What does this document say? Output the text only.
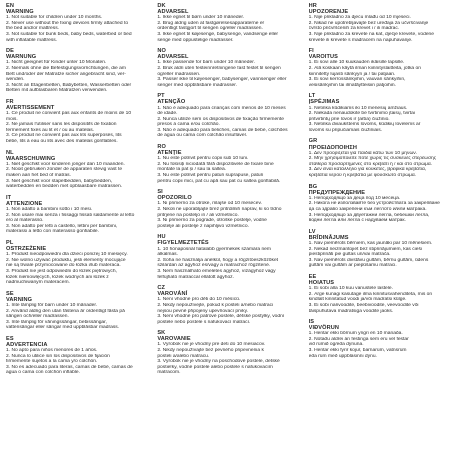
EN
WARNING
1. Not suitable for children under 10 months.
2. Never use without the fixing devices firmly attached to
the bed and/or mattress.
3. Not suitable for bunk beds, baby beds, waterbed or bed
with inflatable mattress.
DE
WARNUNG
1. Nicht geeignet für Kinder unter 10 Monaten.
2. Niemals ohne die Befestigungsvorrichtungen, die am
Bett und/oder der Matratze sicher angebracht sind, ver-
wenden.
3. Nicht an Etagenbetten, Babybetten, Wasserbetten oder
Betten mit aufblasbaren Matratzen verwenden.
FR
AVERTISSEMENT
1. Ce produit ne convient pas aux enfants de moins de 10
mois.
2. Ne jamais l'utiliser sans les dispositifs de fixation
fermement fixés au lit et / ou au matelas.
3. Ce produit ne convient pas aux lits superposés, lits
bébé, lits à eau ou lits avec des matelas gonflables.
NL
WAARSCHUWING
1. Niet geschikt voor kinderen jonger dan 10 maanden.
2. Nooit gebruiken zonder de apparaten stevig vast te
maken aan het bed of matras.
3. Niet geschikt voor stapelbedden, babybedden,
waterbedden en bedden met opblaasbare matrassen.
IT
ATTENZIONE
1. Non adatto a bambini sotto i 10 mesi.
2. Non usare mai senza i fissaggi fissati saldamente al letto
e/o al materasso.
3. Non adatto per letti a castello, lettini per bambini,
materassi a letto con materasso gonfiabile.
PL
OSTRZEŻENIE
1. Produkt nieodpowiedni dla dzieci poniżej 10 miesięcy.
2. Nie wolno używać produktu, jeśli elementy mocujące
nie są trwale przymocowane do łóżka i/lub materaca.
3. Produkt nie jest odpowiedni do łóżek piętrowych,
łóżek niemowlęcych, łóżek wodnych ani łóżek z
nadmuchiwanym materacem.
SE
VARNING
1. Inte lämplig för barn under 10 månader.
2. Använd aldrig den utan fästena är ordentligt fästa på
sängen och/eller madrassen.
3. Inte lämplig för våningssängar, bebissängar,
vattensängar eller sängar med uppblåsbar madrass.
ES
ADVERTENCIA
1. No apto para niños menores de 1 años.
2. Nunca lo utilice sin los dispositivos de fijación
firmemente sujetos a la cama y/o colchón.
3. No es adecuado para literas, camas de bebé, camas de
agua o cama con colchón inflable.
DK
ADVARSEL
1. Ikke egnet til børn under 10 måneder.
2. Brug aldrig uden at fastgørelsesapparaterne er
ordentligt fastgjort til sengen og/eller madrassen.
3. Ikke egnet til køjesenge, babysenge, vandsenge eller
senge med oppustelige madrasser.
NO
ADVARSEL
1. Ikke passende for barn under 10 måneder.
2. Bruk aldri uten festeinnretningene fast festet til sengen
og/eller madrassen.
3. Passer ikke til køyesenger, babysenger, vannsenger eller
senger med oppblåsbare madrasser.
PT
ATENÇÃO
1. Não é adequado para crianças com menos de 10 meses
de idade.
2. Nunca utilize sem os dispositivos de fixação firmemente
presos à cama e/ou colchão.
3. Não é adequado para beliches, camas de bebé, colchões
de água ou cama com colchão insuflável.
RO
ATENȚIE
1. Nu este potrivit pentru copii sub 10 luni.
2. Nu folosiți niciodată fără dispozitivele de fixare bine
montate la pat și / sau la saltea.
3. Nu este potrivit pentru paturi suprapuse, paturi
pentru copii mici, pat cu apă sau pat cu saltea gonflabilă.
SI
OPOZORILO
1. Ni primerno za otroke, mlajše od 10 mesecev.
2. Nikoli ne uporabljajte brez pritrdilnih naprav, ki so trdno
pritrjene na posteljo in / ali vzmetnico.
3. Ni primerno za pograde, otroške postelje, vodne
postelje ali postelje z napihljivo vzmetnico.
HU
FIGYELMEZTETÉS
1. 10 hónaposnál fiatalabb gyermekek számára nem
alkalmas.
2. Soha ne használja anélkül, hogy a rögzítőeszközöket
szilárdan az ágyhoz és/vagy a matrachoz rögzítené.
3. Nem használható emeletes ágyhoz, vízágyhoz vagy
felfújható matraccal ellátott ágyhoz.
CZ
VAROVÁNÍ
1. Není vhodné pro děti do 10 měsíců.
2. Nikdy nepoužívejte, pokud k posteli a/nebo matraci
nejsou pevně připojeny upevňovací prvky.
3. Není vhodné pro patrové postele, dětské postýlky, vodní
postele nebo postele s nafukovací matrací.
SK
VAROVANIE
1. Výrobok nie je vhodný pre deti do 10 mesiacov.
2. Nikdy nepoužívajte bez pevného pripevnenia k
posteli a/alebo matracu.
3. Výrobok nie je vhodný na poschodové postele, detské
postieľky, vodné postele alebo postele s nafukovacím
matracom.
HR
UPOZORENJE
1. Nije prikladno za djecu mlađu od 10 mjeseci.
2. Nikad ne upotrebljavajte bez uređaja za učvršćivanje
čvrsto pričvršćenih za krevet i / ili madrac.
3. Nije prikladno za krevete na kat, dječje krevete, vodene
krevete ili krevete s madracem na napuhavanje.
FI
VAROITUS
1. Ei sovi alle 10 kuukauden ikäisille lapsille.
2. Älä koskaan käytä ilman kiinnityslaitteita, jotka on
kiinnitetty lujasti sänkyyn ja / tai patjaan.
3. Ei sovi kerrossänkyihin, vauvan sänkyihin,
vesisänkyihin tai ilmatäytteisiin patjoihin.
LT
ĮSPĖJIMAS
1. Netinka kūdikiams iki 10 mėnesių amžiaus.
2. Niekada nenaudokite be tvirtinimo įtaisų, tvirtai
pritvirtintų prie lovos ir (arba) čiužinio.
3. Netinka dviaukštėms lovoms, kūdikių lovelėms ar
lovoms su pripučiamais čiužiniais.
GR
ΠΡΟΕΙΔΟΠΟΙΗΣΗ
1. Δεν προορίζεται για παιδιά κάτω των 10 μηνών.
2. Μην χρησιμοποιείτε ποτέ χωρίς τις συσκευές στερέωσης
σταθερά προσαρτημένες στο κρεβάτι ή / και στο στρώμα.
3. Δεν είναι κατάλληλο για κουκέτες, βρεφικά κρεβάτια,
κρεβάτια νερού ή κρεβάτια με φουσκωτό στρώμα.
BG
ПРЕДУПРЕЖДЕНИЕ
1. Неподходящо за деца под 10 месеца.
2. Никога не използвайте без устройствата за закрепване
да са здраво закрепени към леглото и/или матрака.
3. Неподходящо за двуетажни легла, бебешки легла,
водни легла или легла с надуваем матрак.
LV
BRĪDINĀJUMS
1. Nav piemērots bērniem, kas jaunāki par 10 mēnešiem.
2. Nekad neizmantojiet bez stiprinājumiem, kas cieši
piestiprināti pie gultas un/vai matrača.
3. Nav piemērots divstāvu gultām, bērnu gultām, ūdens
gultām vai gultām ar piepūšamu matraci.
EE
HOIATUS
1. Ei sobi alla 10 kuu vanustele lastele.
2. Ärge kunagi kasutage ilma kinnitusvahenditeta, mis on
kindlalt kinnitatud voodi ja/või madratsi külge.
3. Ei sobi narivoodite, beebivoodite, veevoodite või
täispuhutava madratsiga voodite jaoks.
IS
VIÐVÖRUN
1. Hentar ekki börnum yngri en 10 mánaða.
2. Notaðu aldrei án festinga sem eru vel festar
við rúmið og/eða dýnuna.
3. Hentar ekki fyrir kojur, barnarúm, vatnsrúm
eða rúm með uppblásinni dýnu.
